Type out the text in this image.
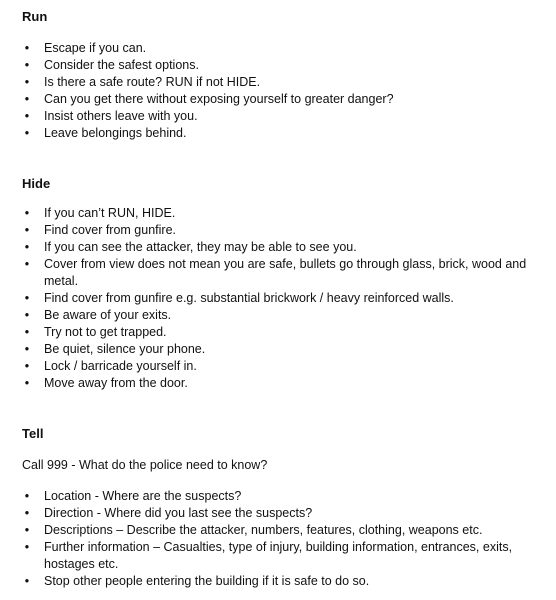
Run
• Escape if you can.
• Consider the safest options.
• Is there a safe route? RUN if not HIDE.
• Can you get there without exposing yourself to greater danger?
• Insist others leave with you.
• Leave belongings behind.
Hide
• If you can’t RUN, HIDE.
• Find cover from gunfire.
• If you can see the attacker, they may be able to see you.
• Cover from view does not mean you are safe, bullets go through glass, brick, wood and metal.
• Find cover from gunfire e.g. substantial brickwork / heavy reinforced walls.
• Be aware of your exits.
• Try not to get trapped.
• Be quiet, silence your phone.
• Lock / barricade yourself in.
• Move away from the door.
Tell

Call 999 - What do the police need to know?

• Location - Where are the suspects?
• Direction - Where did you last see the suspects?
• Descriptions – Describe the attacker, numbers, features, clothing, weapons etc.
• Further information – Casualties, type of injury, building information, entrances, exits, hostages etc.
• Stop other people entering the building if it is safe to do so.
